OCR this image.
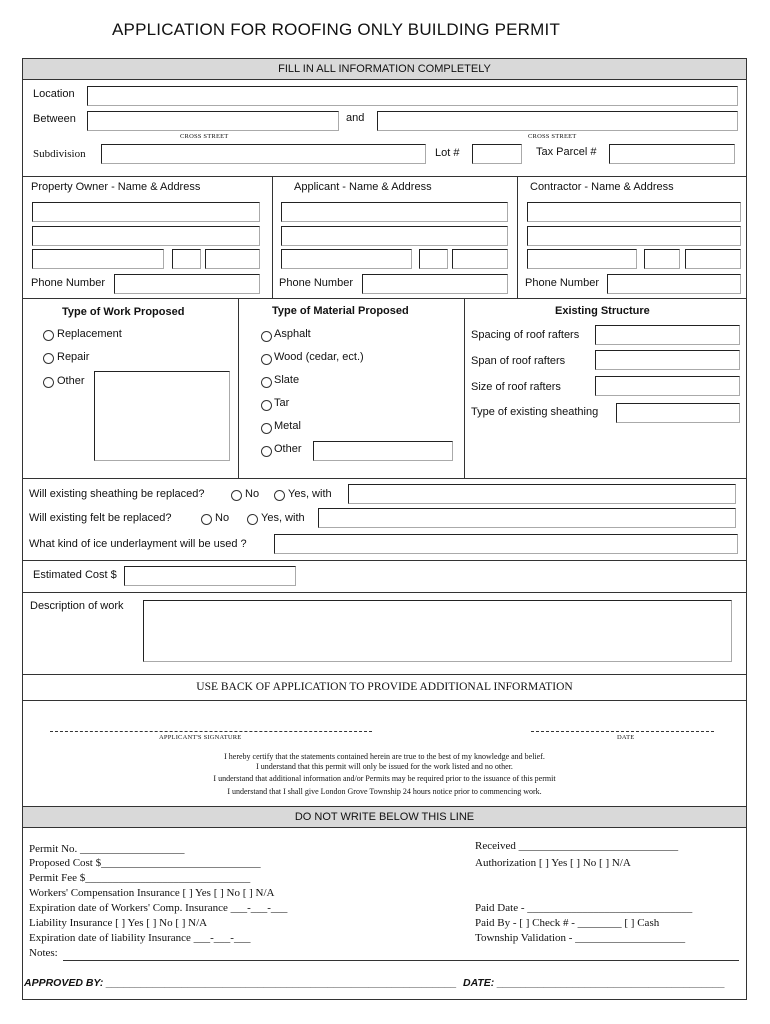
APPLICATION FOR ROOFING ONLY BUILDING PERMIT
FILL IN ALL INFORMATION COMPLETELY
Location
Between	and
CROSS STREET	CROSS STREET
Subdivision	Lot #	Tax Parcel #
Property Owner - Name & Address	Applicant - Name & Address	Contractor - Name & Address
Phone Number	Phone Number	Phone Number
Type of Work Proposed
Replacement
Repair
Other
Type of Material Proposed
Asphalt
Wood (cedar, ect.)
Slate
Tar
Metal
Other
Existing Structure
Spacing of roof rafters
Span of roof rafters
Size of roof rafters
Type of existing sheathing
Will existing sheathing be replaced?	No	Yes, with
Will existing felt be replaced?	No	Yes, with
What kind of ice underlayment will be used ?
Estimated Cost $
Description of work
USE BACK OF APPLICATION TO PROVIDE ADDITIONAL INFORMATION
APPLICANT'S SIGNATURE	DATE
I hereby certify that the statements contained herein are true to the best of my knowledge and belief.
I understand that this permit will only be issued for the work listed and no other.
I understand that additional information and/or Permits may be required prior to the issuance of this permit
I understand that I shall give London Grove Township 24 hours notice prior to commencing work.
DO NOT WRITE BELOW THIS LINE
Permit No. ___________________
Proposed Cost $_____________________________
Permit Fee $______________________________
Workers' Compensation Insurance [ ] Yes [ ] No [ ] N/A
Expiration date of Workers' Comp. Insurance ___-___-___
Liability Insurance [ ] Yes [ ] No [ ] N/A
Expiration date of liability Insurance ___-___-___
Notes:
Received _____________________________
Authorization [ ] Yes [ ] No [ ] N/A
Paid Date - ______________________________
Paid By - [ ] Check # - ________ [ ] Cash
Township Validation - ____________________
APPROVED BY: ____________________________________________________________ DATE: _______________________________________
